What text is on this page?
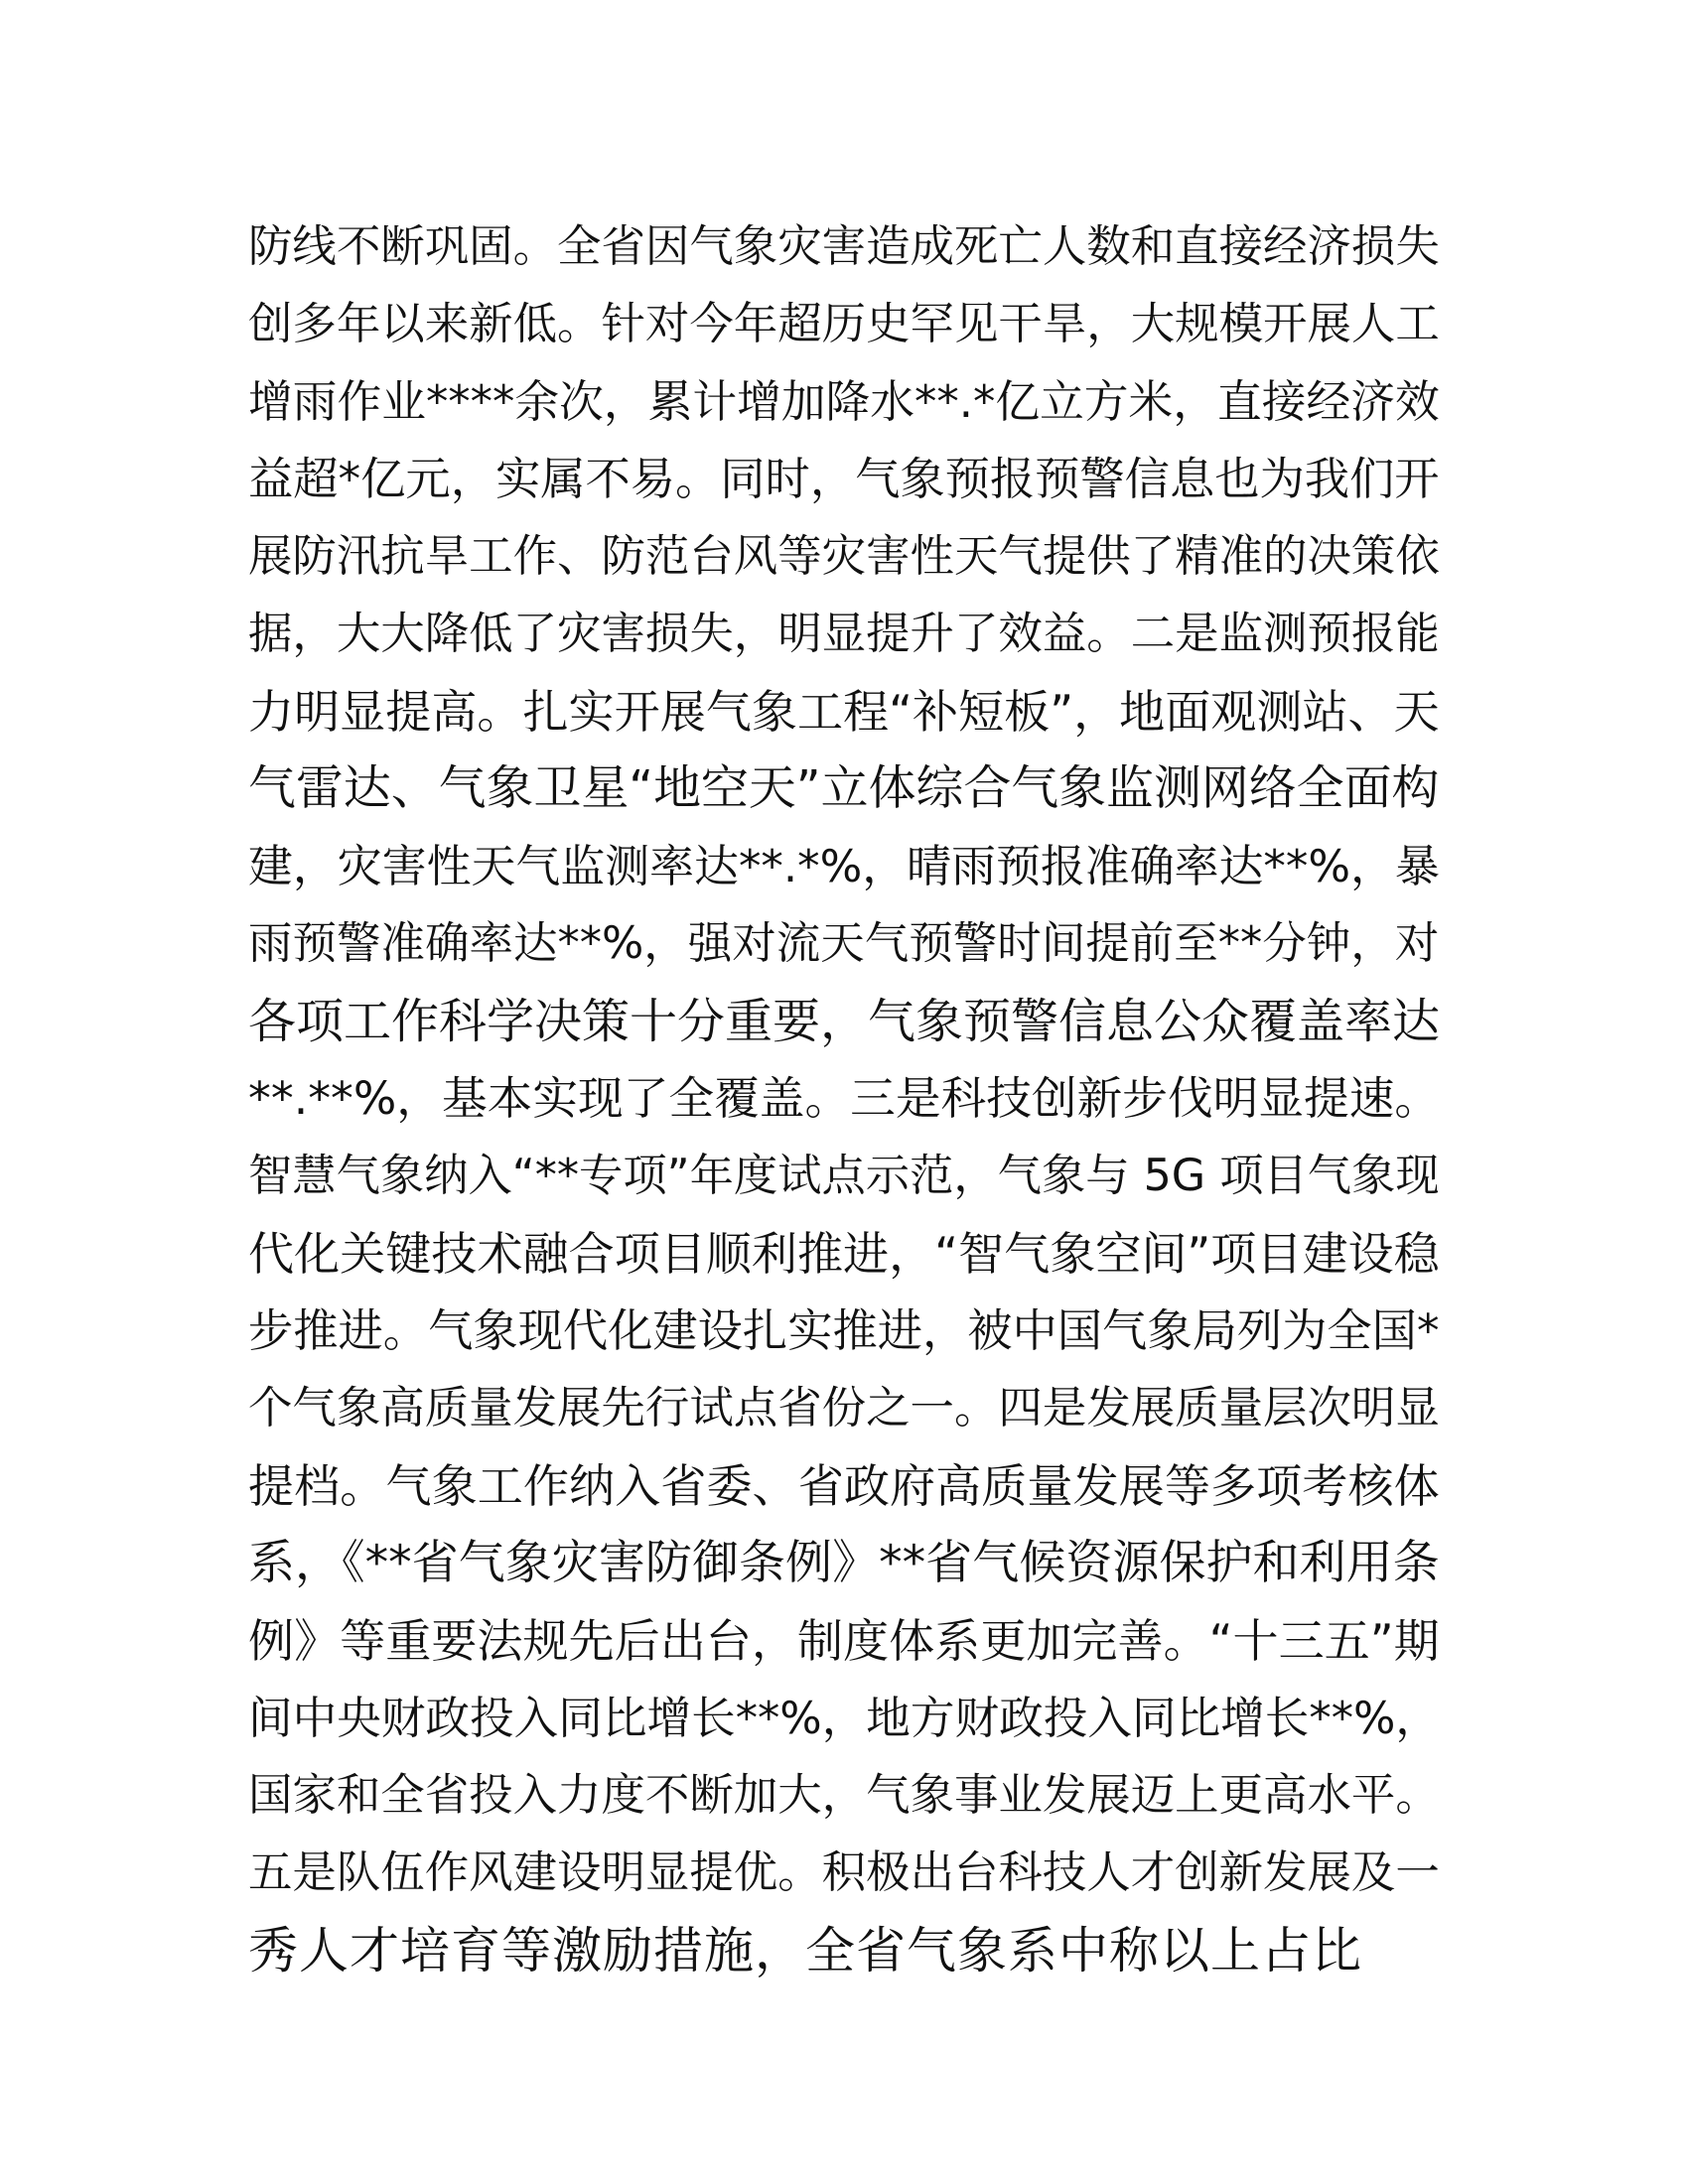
防线不断巩固。全省因气象灾害造成死亡人数和直接经济损失
创多年以来新低。针对今年超历史罕见干旱，大规模开展人工
增雨作业****余次，累计增加降水**.*亿立方米，直接经济效
益超*亿元，实属不易。同时，气象预报预警信息也为我们开
展防汛抗旱工作、防范台风等灾害性天气提供了精准的决策依
据，大大降低了灾害损失，明显提升了效益。二是监测预报能
力明显提高。扎实开展气象工程“补短板”，地面观测站、天
气雷达、气象卫星“地空天”立体综合气象监测网络全面构
建，灾害性天气监测率达**.*%，晴雨预报准确率达**%，暴
雨预警准确率达**%，强对流天气预警时间提前至**分钟，对
各项工作科学决策十分重要，气象预警信息公众覆盖率达
**.**%，基本实现了全覆盖。三是科技创新步伐明显提速。
智慧气象纳入“**专项”年度试点示范，气象与 5G 项目气象现
代化关键技术融合项目顺利推进，“智气象空间”项目建设稳
步推进。气象现代化建设扎实推进，被中国气象局列为全国*
个气象高质量发展先行试点省份之一。四是发展质量层次明显
提档。气象工作纳入省委、省政府高质量发展等多项考核体
系，《**省气象灾害防御条例》**省气候资源保护和利用条
例》等重要法规先后出台，制度体系更加完善。“十三五”期
间中央财政投入同比增长**%，地方财政投入同比增长**%，
国家和全省投入力度不断加大，气象事业发展迈上更高水平。
五是队伍作风建设明显提优。积极出台科技人才创新发展及一
秀人才培育等激励措施，全省气象系中称以上占比
